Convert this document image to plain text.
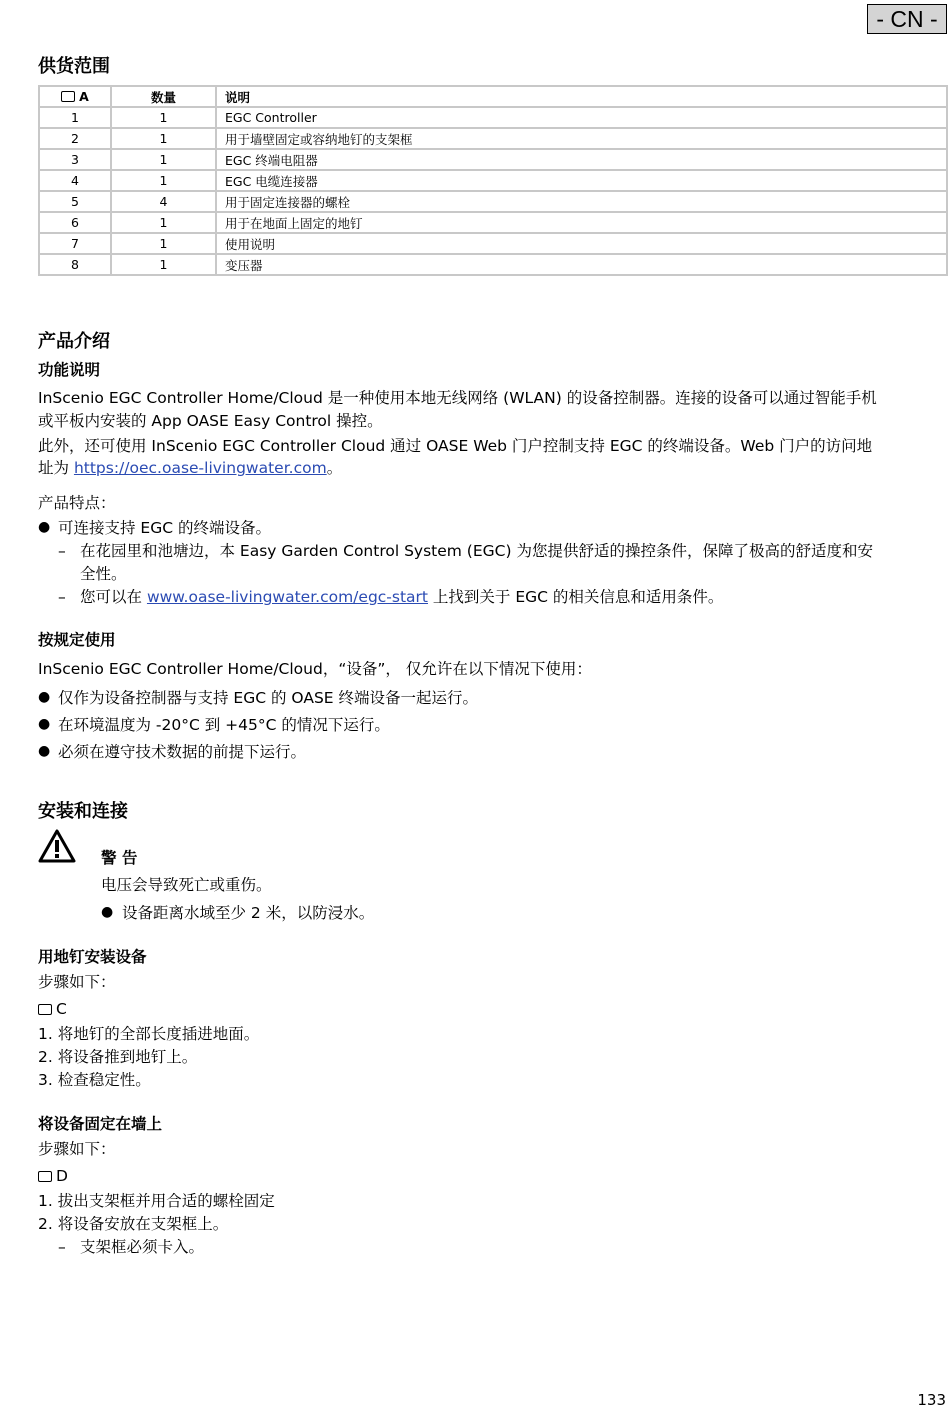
- CN -
供货范围
A	数量	说明
1	1	EGC Controller
2	1	用于墙壁固定或容纳地钉的支架框
3	1	EGC 终端电阻器
4	1	EGC 电缆连接器
5	4	用于固定连接器的螺栓
6	1	用于在地面上固定的地钉
7	1	使用说明
8	1	变压器
产品介绍
功能说明
InScenio EGC Controller Home/Cloud 是一种使用本地无线网络 (WLAN) 的设备控制器。连接的设备可以通过智能手机
或平板内安装的 App OASE Easy Control 操控。
此外，还可使用 InScenio EGC Controller Cloud 通过 OASE Web 门户控制支持 EGC 的终端设备。Web 门户的访问地
址为 https://oec.oase-livingwater.com。
产品特点：
● 可连接支持 EGC 的终端设备。
– 在花园里和池塘边，本 Easy Garden Control System (EGC) 为您提供舒适的操控条件，保障了极高的舒适度和安
全性。
– 您可以在 www.oase-livingwater.com/egc-start 上找到关于 EGC 的相关信息和适用条件。
按规定使用
InScenio EGC Controller Home/Cloud，“设备”， 仅允许在以下情况下使用：
● 仅作为设备控制器与支持 EGC 的 OASE 终端设备一起运行。
● 在环境温度为 -20°C 到 +45°C 的情况下运行。
● 必须在遵守技术数据的前提下运行。
安装和连接
警 告
电压会导致死亡或重伤。
● 设备距离水域至少 2 米，以防浸水。
用地钉安装设备
步骤如下：
C
1. 将地钉的全部长度插进地面。
2. 将设备推到地钉上。
3. 检查稳定性。
将设备固定在墙上
步骤如下：
D
1. 拔出支架框并用合适的螺栓固定
2. 将设备安放在支架框上。
– 支架框必须卡入。
133
